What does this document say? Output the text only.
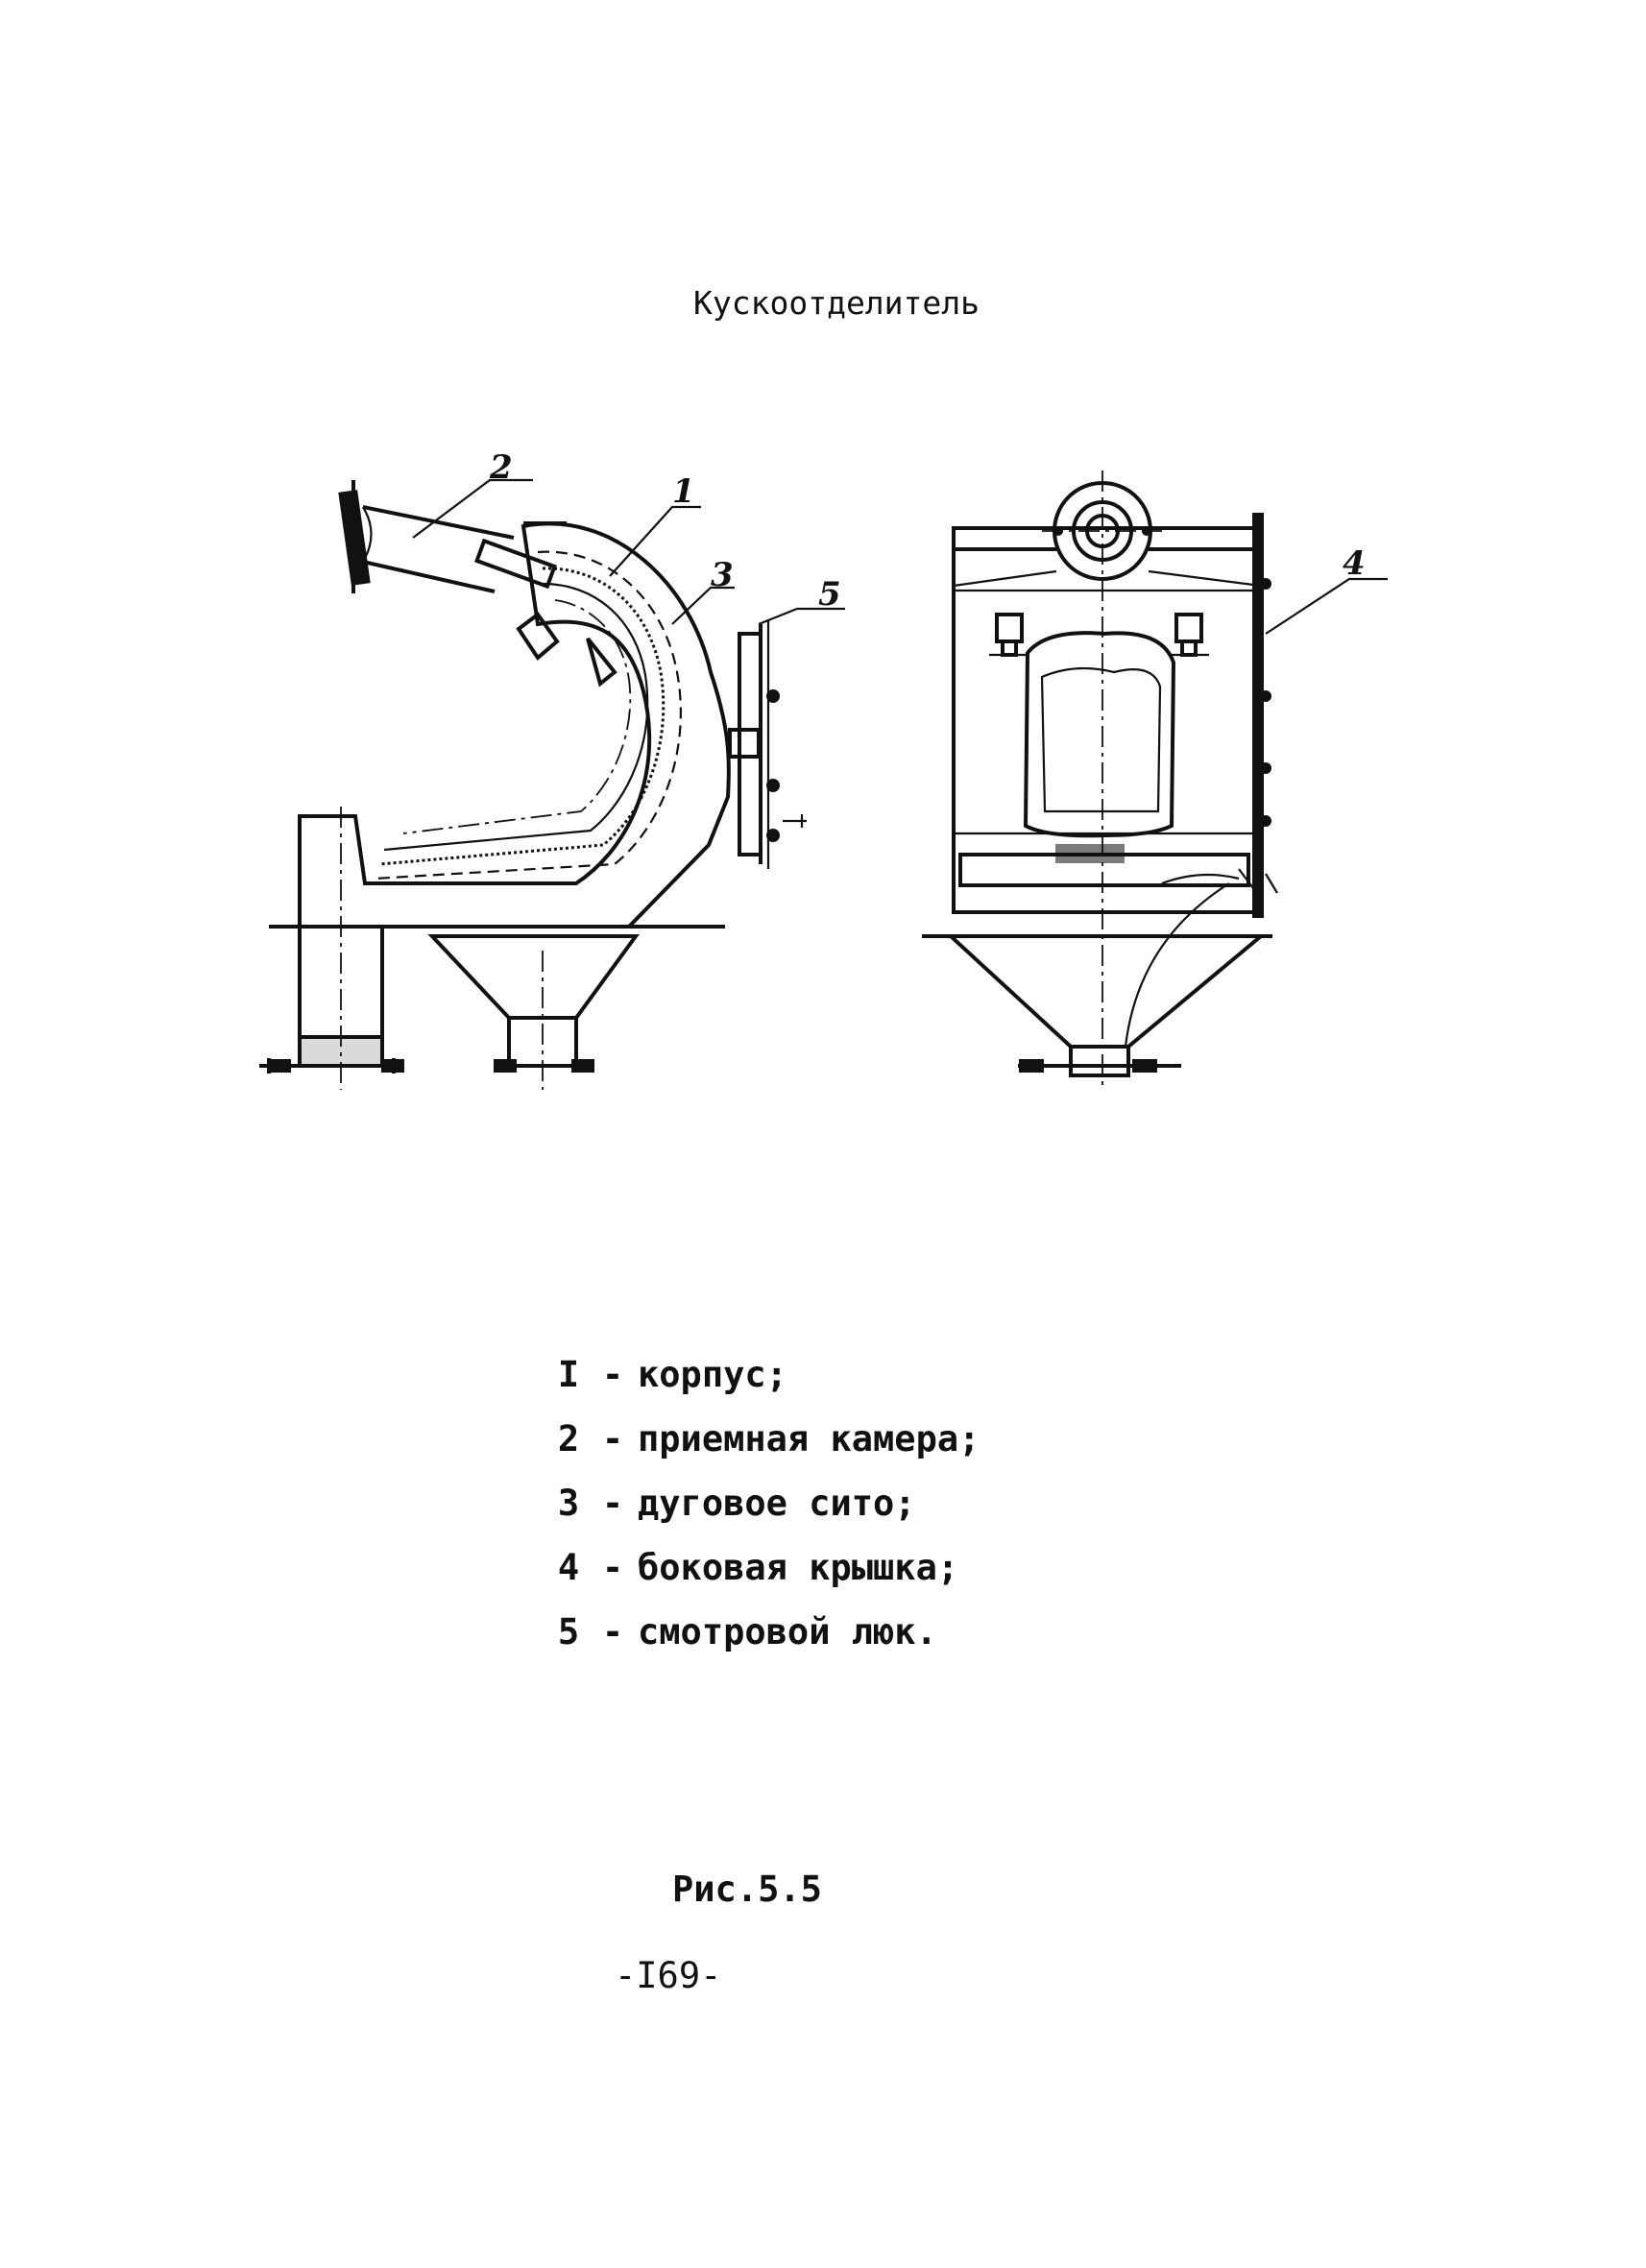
Кускоотделитель
2
1
3	5
4
I - корпус;
2 - приемная камера;
3 - дуговое сито;
4 - боковая крышка;
5 - смотровой люк.
Рис.5.5
-I69-
